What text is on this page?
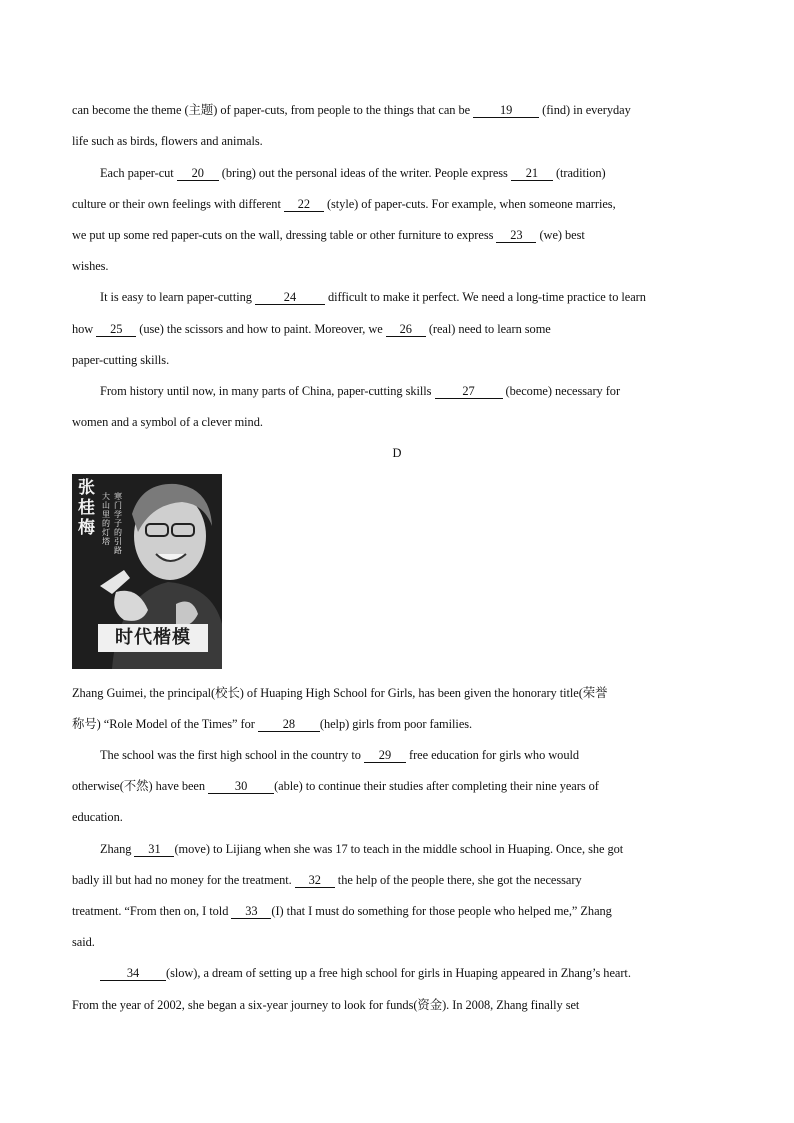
can become the theme (主题) of paper-cuts, from people to the things that can be 19 (find) in everyday
life such as birds, flowers and animals.
Each paper-cut 20 (bring) out the personal ideas of the writer. People express 21 (tradition)
culture or their own feelings with different 22 (style) of paper-cuts. For example, when someone marries,
we put up some red paper-cuts on the wall, dressing table or other furniture to express 23 (we) best
wishes.
It is easy to learn paper-cutting 24 difficult to make it perfect. We need a long-time practice to learn
how 25 (use) the scissors and how to paint. Moreover, we 26 (real) need to learn some
paper-cutting skills.
From history until now, in many parts of China, paper-cutting skills 27 (become) necessary for
women and a symbol of a clever mind.
D
张桂梅
大山里的灯塔
寒门学子的引路
时代楷模
Zhang Guimei, the principal(校长) of Huaping High School for Girls, has been given the honorary title(荣誉
称号) “Role Model of the Times” for 28 (help) girls from poor families.
The school was the first high school in the country to 29 free education for girls who would
otherwise(不然) have been 30 (able) to continue their studies after completing their nine years of
education.
Zhang 31 (move) to Lijiang when she was 17 to teach in the middle school in Huaping. Once, she got
badly ill but had no money for the treatment. 32 the help of the people there, she got the necessary
treatment. “From then on, I told 33 (I) that I must do something for those people who helped me,” Zhang
said.
34 (slow), a dream of setting up a free high school for girls in Huaping appeared in Zhang’s heart.
From the year of 2002, she began a six-year journey to look for funds(资金). In 2008, Zhang finally set
